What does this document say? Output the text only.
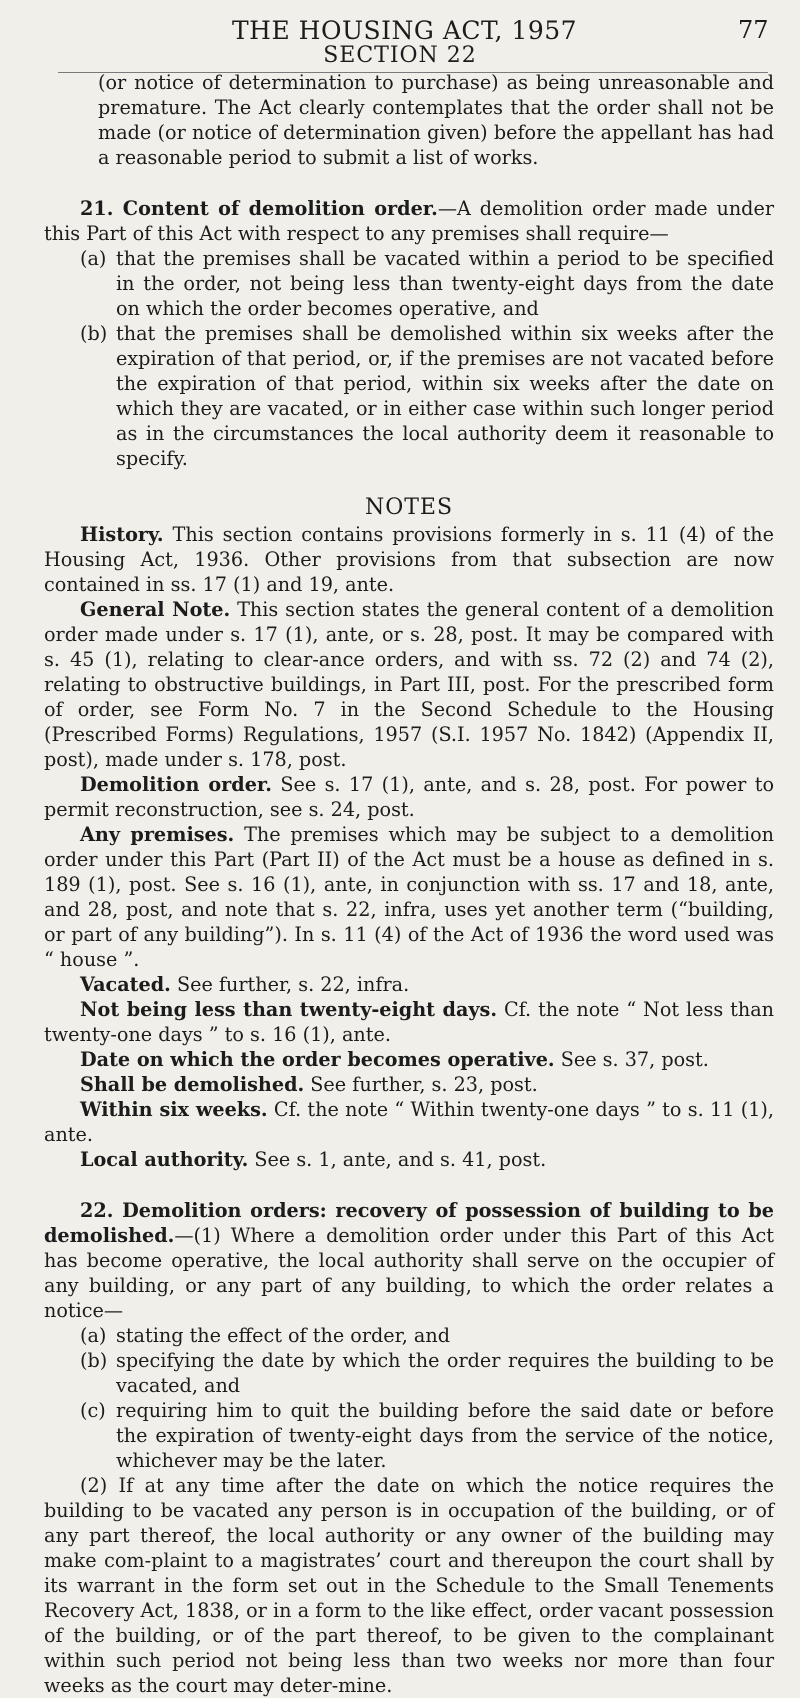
THE HOUSING ACT, 1957	77
SECTION 22

(or notice of determination to purchase) as being unreasonable and premature. The Act clearly contemplates that the order shall not be made (or notice of determination given) before the appellant has had a reasonable period to submit a list of works.

21. Content of demolition order.—A demolition order made under this Part of this Act with respect to any premises shall require—

(a) that the premises shall be vacated within a period to be specified in the order, not being less than twenty-eight days from the date on which the order becomes operative, and

(b) that the premises shall be demolished within six weeks after the expiration of that period, or, if the premises are not vacated before the expiration of that period, within six weeks after the date on which they are vacated, or in either case within such longer period as in the circumstances the local authority deem it reasonable to specify.

NOTES

History. This section contains provisions formerly in s. 11 (4) of the Housing Act, 1936. Other provisions from that subsection are now contained in ss. 17 (1) and 19, ante.

General Note. This section states the general content of a demolition order made under s. 17 (1), ante, or s. 28, post. It may be compared with s. 45 (1), relating to clear-ance orders, and with ss. 72 (2) and 74 (2), relating to obstructive buildings, in Part III, post. For the prescribed form of order, see Form No. 7 in the Second Schedule to the Housing (Prescribed Forms) Regulations, 1957 (S.I. 1957 No. 1842) (Appendix II, post), made under s. 178, post.

Demolition order. See s. 17 (1), ante, and s. 28, post. For power to permit reconstruction, see s. 24, post.

Any premises. The premises which may be subject to a demolition order under this Part (Part II) of the Act must be a house as defined in s. 189 (1), post. See s. 16 (1), ante, in conjunction with ss. 17 and 18, ante, and 28, post, and note that s. 22, infra, uses yet another term (“building, or part of any building”). In s. 11 (4) of the Act of 1936 the word used was “ house ”.

Vacated. See further, s. 22, infra.

Not being less than twenty-eight days. Cf. the note “ Not less than twenty-one days ” to s. 16 (1), ante.

Date on which the order becomes operative. See s. 37, post.

Shall be demolished. See further, s. 23, post.

Within six weeks. Cf. the note “ Within twenty-one days ” to s. 11 (1), ante.

Local authority. See s. 1, ante, and s. 41, post.

22. Demolition orders: recovery of possession of building to be demolished.—(1) Where a demolition order under this Part of this Act has become operative, the local authority shall serve on the occupier of any building, or any part of any building, to which the order relates a notice—

(a) stating the effect of the order, and

(b) specifying the date by which the order requires the building to be vacated, and

(c) requiring him to quit the building before the said date or before the expiration of twenty-eight days from the service of the notice, whichever may be the later.

(2) If at any time after the date on which the notice requires the building to be vacated any person is in occupation of the building, or of any part thereof, the local authority or any owner of the building may make com-plaint to a magistrates’ court and thereupon the court shall by its warrant in the form set out in the Schedule to the Small Tenements Recovery Act, 1838, or in a form to the like effect, order vacant possession of the building, or of the part thereof, to be given to the complainant within such period not being less than two weeks nor more than four weeks as the court may deter-mine.
